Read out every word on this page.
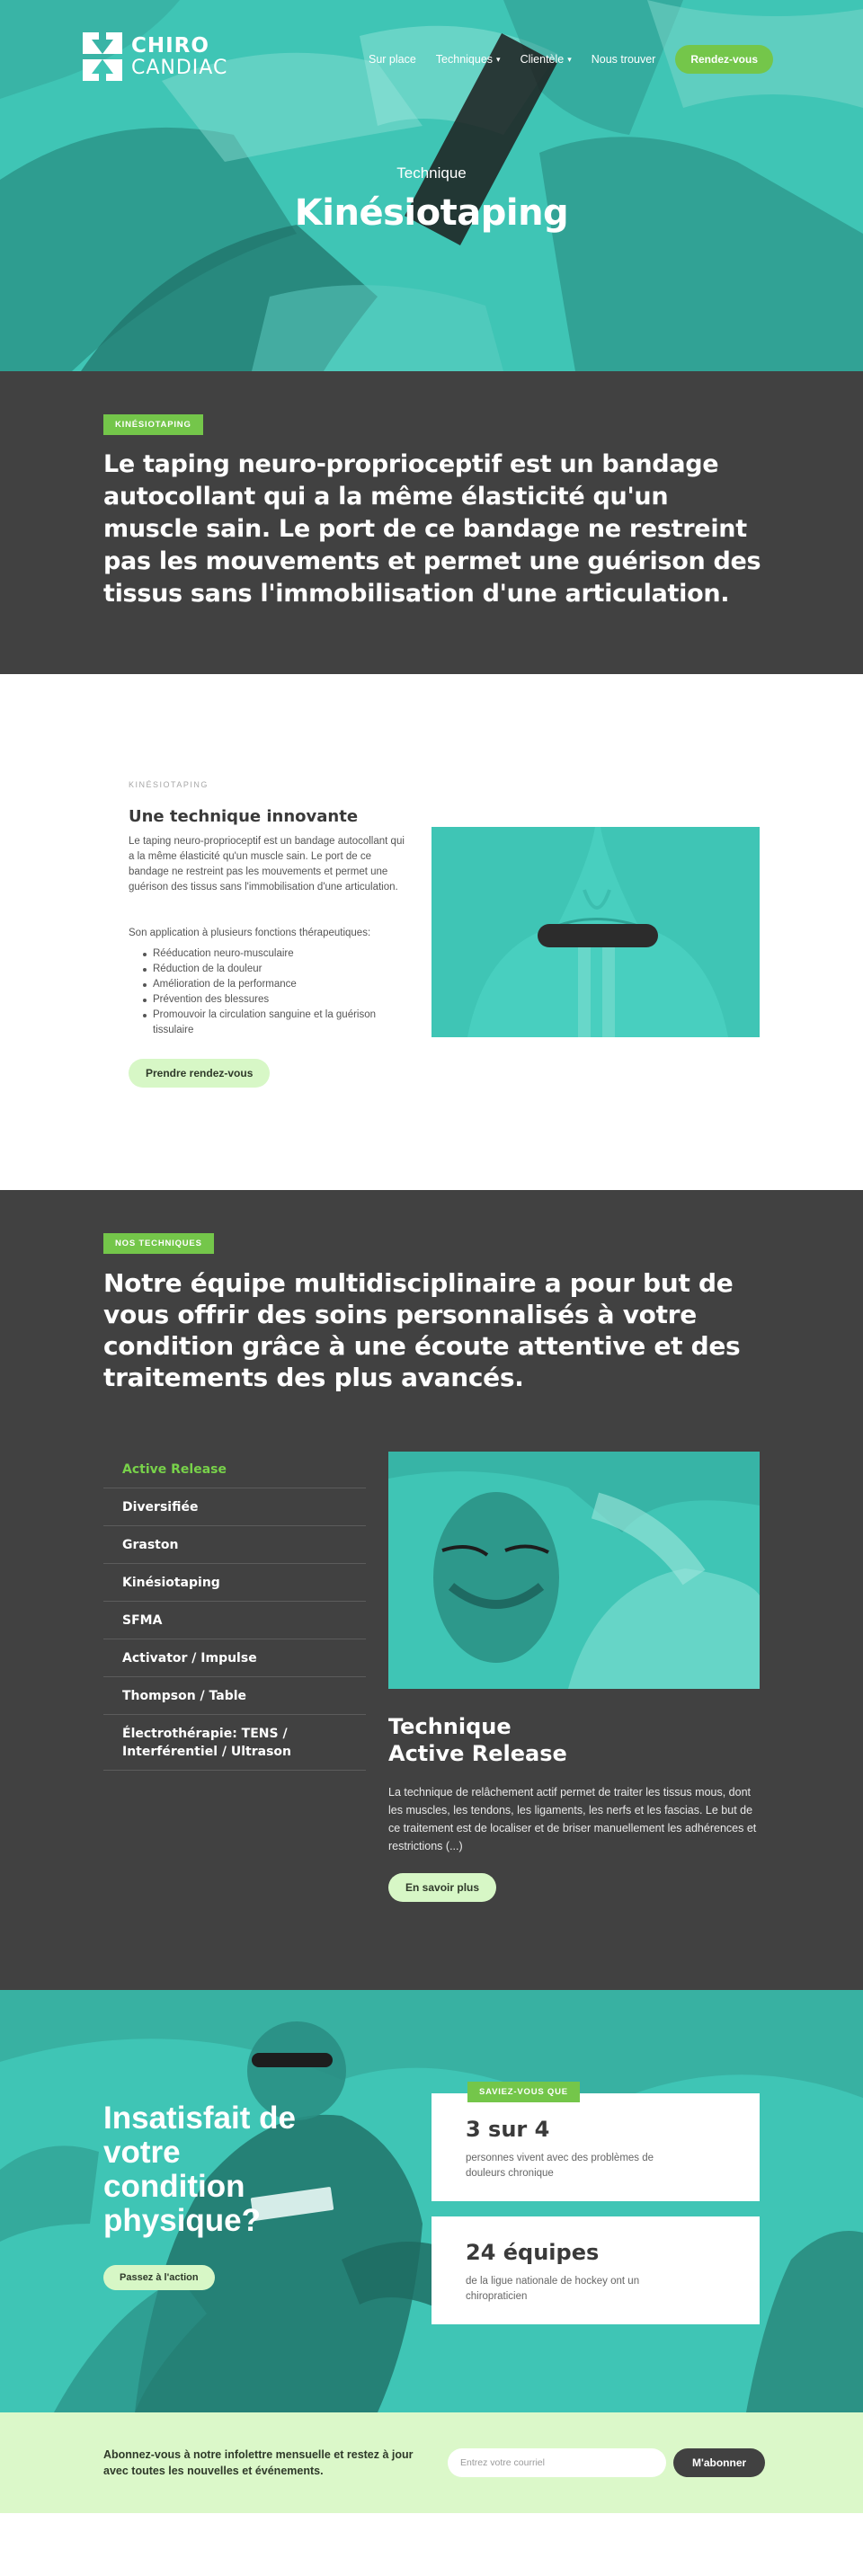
CHIRO
CANDIAC	Sur place Techniques ▾ Clientèle ▾ Nous trouver	Rendez-vous
Technique
Kinésiotaping
KINÉSIOTAPING

Le taping neuro-proprioceptif est un bandage autocollant qui a la même élasticité qu'un muscle sain. Le port de ce bandage ne restreint pas les mouvements et permet une guérison des tissus sans l'immobilisation d'une articulation.

KINÉSIOTAPING
Une technique innovante

Le taping neuro-proprioceptif est un bandage autocollant qui a la même élasticité qu'un muscle sain. Le port de ce bandage ne restreint pas les mouvements et permet une guérison des tissus sans l'immobilisation d'une articulation.

Son application à plusieurs fonctions thérapeutiques:

Rééducation neuro-musculaire
Réduction de la douleur
Amélioration de la performance
Prévention des blessures
Promouvoir la circulation sanguine et la guérison tissulaire
Prendre rendez-vous
NOS TECHNIQUES
Notre équipe multidisciplinaire a pour but de vous offrir des soins personnalisés à votre condition grâce à une écoute attentive et des traitements des plus avancés.
Active Release
Diversifiée
Graston
Kinésiotaping
SFMA
Activator / Impulse
Thompson / Table
Électrothérapie: TENS / Interférentiel / Ultrason
Technique
Active Release

La technique de relâchement actif permet de traiter les tissus mous, dont les muscles, les tendons, les ligaments, les nerfs et les fascias. Le but de ce traitement est de localiser et de briser manuellement les adhérences et restrictions (...)

En savoir plus
Insatisfait de votre condition physique?
Passez à l'action
SAVIEZ-VOUS QUE
3 sur 4
personnes vivent avec des problèmes de douleurs chronique
24 équipes
de la ligue nationale de hockey ont un chiropraticien

Abonnez-vous à notre infolettre mensuelle et restez à jour avec toutes les nouvelles et événements.

Entrez votre courriel
M'abonner
